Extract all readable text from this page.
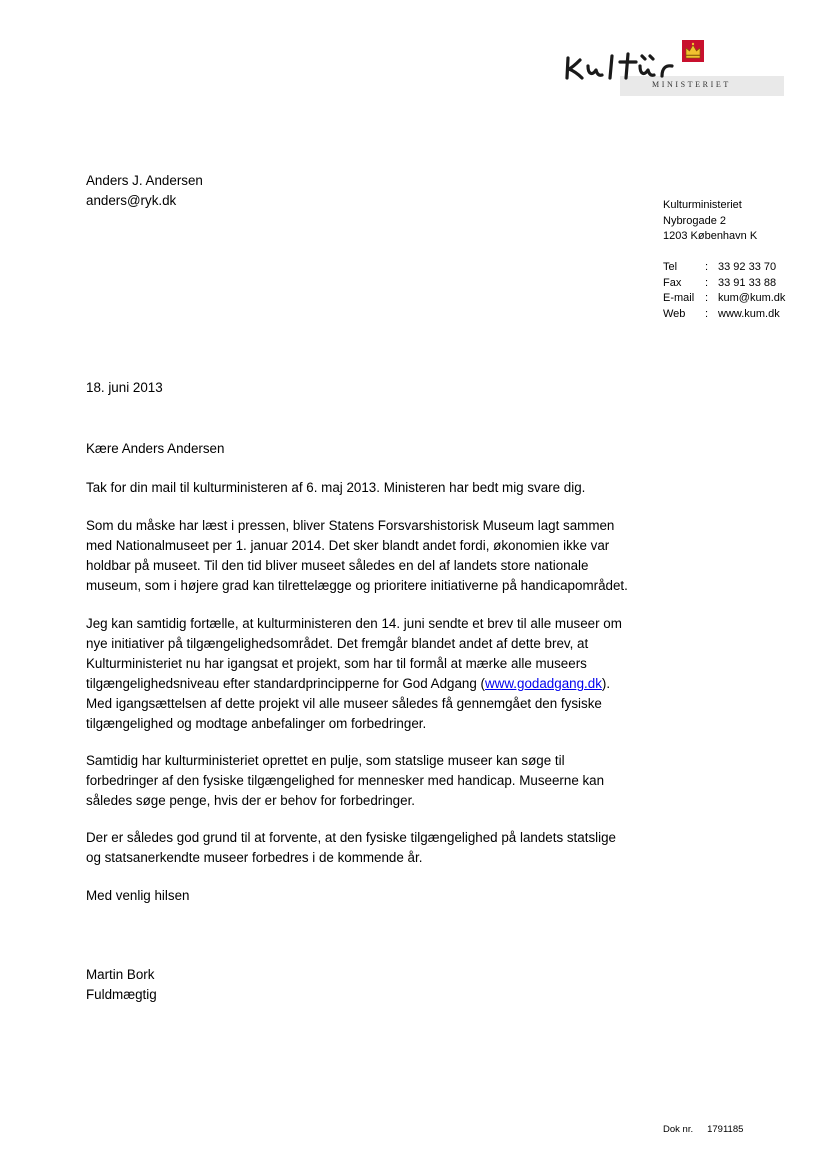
MINISTERIET
Anders J. Andersen
anders@ryk.dk	Kulturministeriet
Nybrogade 2
1203 København K
Tel	:	33 92 33 70
Fax	:	33 91 33 88
E-mail	:	kum@kum.dk
Web	:	www.kum.dk
18. juni 2013
Kære Anders Andersen
Tak for din mail til kulturministeren af 6. maj 2013. Ministeren har bedt mig svare dig.
Som du måske har læst i pressen, bliver Statens Forsvarshistorisk Museum lagt sammen
med Nationalmuseet per 1. januar 2014. Det sker blandt andet fordi, økonomien ikke var
holdbar på museet. Til den tid bliver museet således en del af landets store nationale
museum, som i højere grad kan tilrettelægge og prioritere initiativerne på handicapområdet.
Jeg kan samtidig fortælle, at kulturministeren den 14. juni sendte et brev til alle museer om
nye initiativer på tilgængelighedsområdet. Det fremgår blandet andet af dette brev, at
Kulturministeriet nu har igangsat et projekt, som har til formål at mærke alle museers
tilgængelighedsniveau efter standardprincipperne for God Adgang (www.godadgang.dk).
Med igangsættelsen af dette projekt vil alle museer således få gennemgået den fysiske
tilgængelighed og modtage anbefalinger om forbedringer.
Samtidig har kulturministeriet oprettet en pulje, som statslige museer kan søge til
forbedringer af den fysiske tilgængelighed for mennesker med handicap. Museerne kan
således søge penge, hvis der er behov for forbedringer.
Der er således god grund til at forvente, at den fysiske tilgængelighed på landets statslige
og statsanerkendte museer forbedres i de kommende år.
Med venlig hilsen
Martin Bork
Fuldmægtig
Dok nr. 1791185
